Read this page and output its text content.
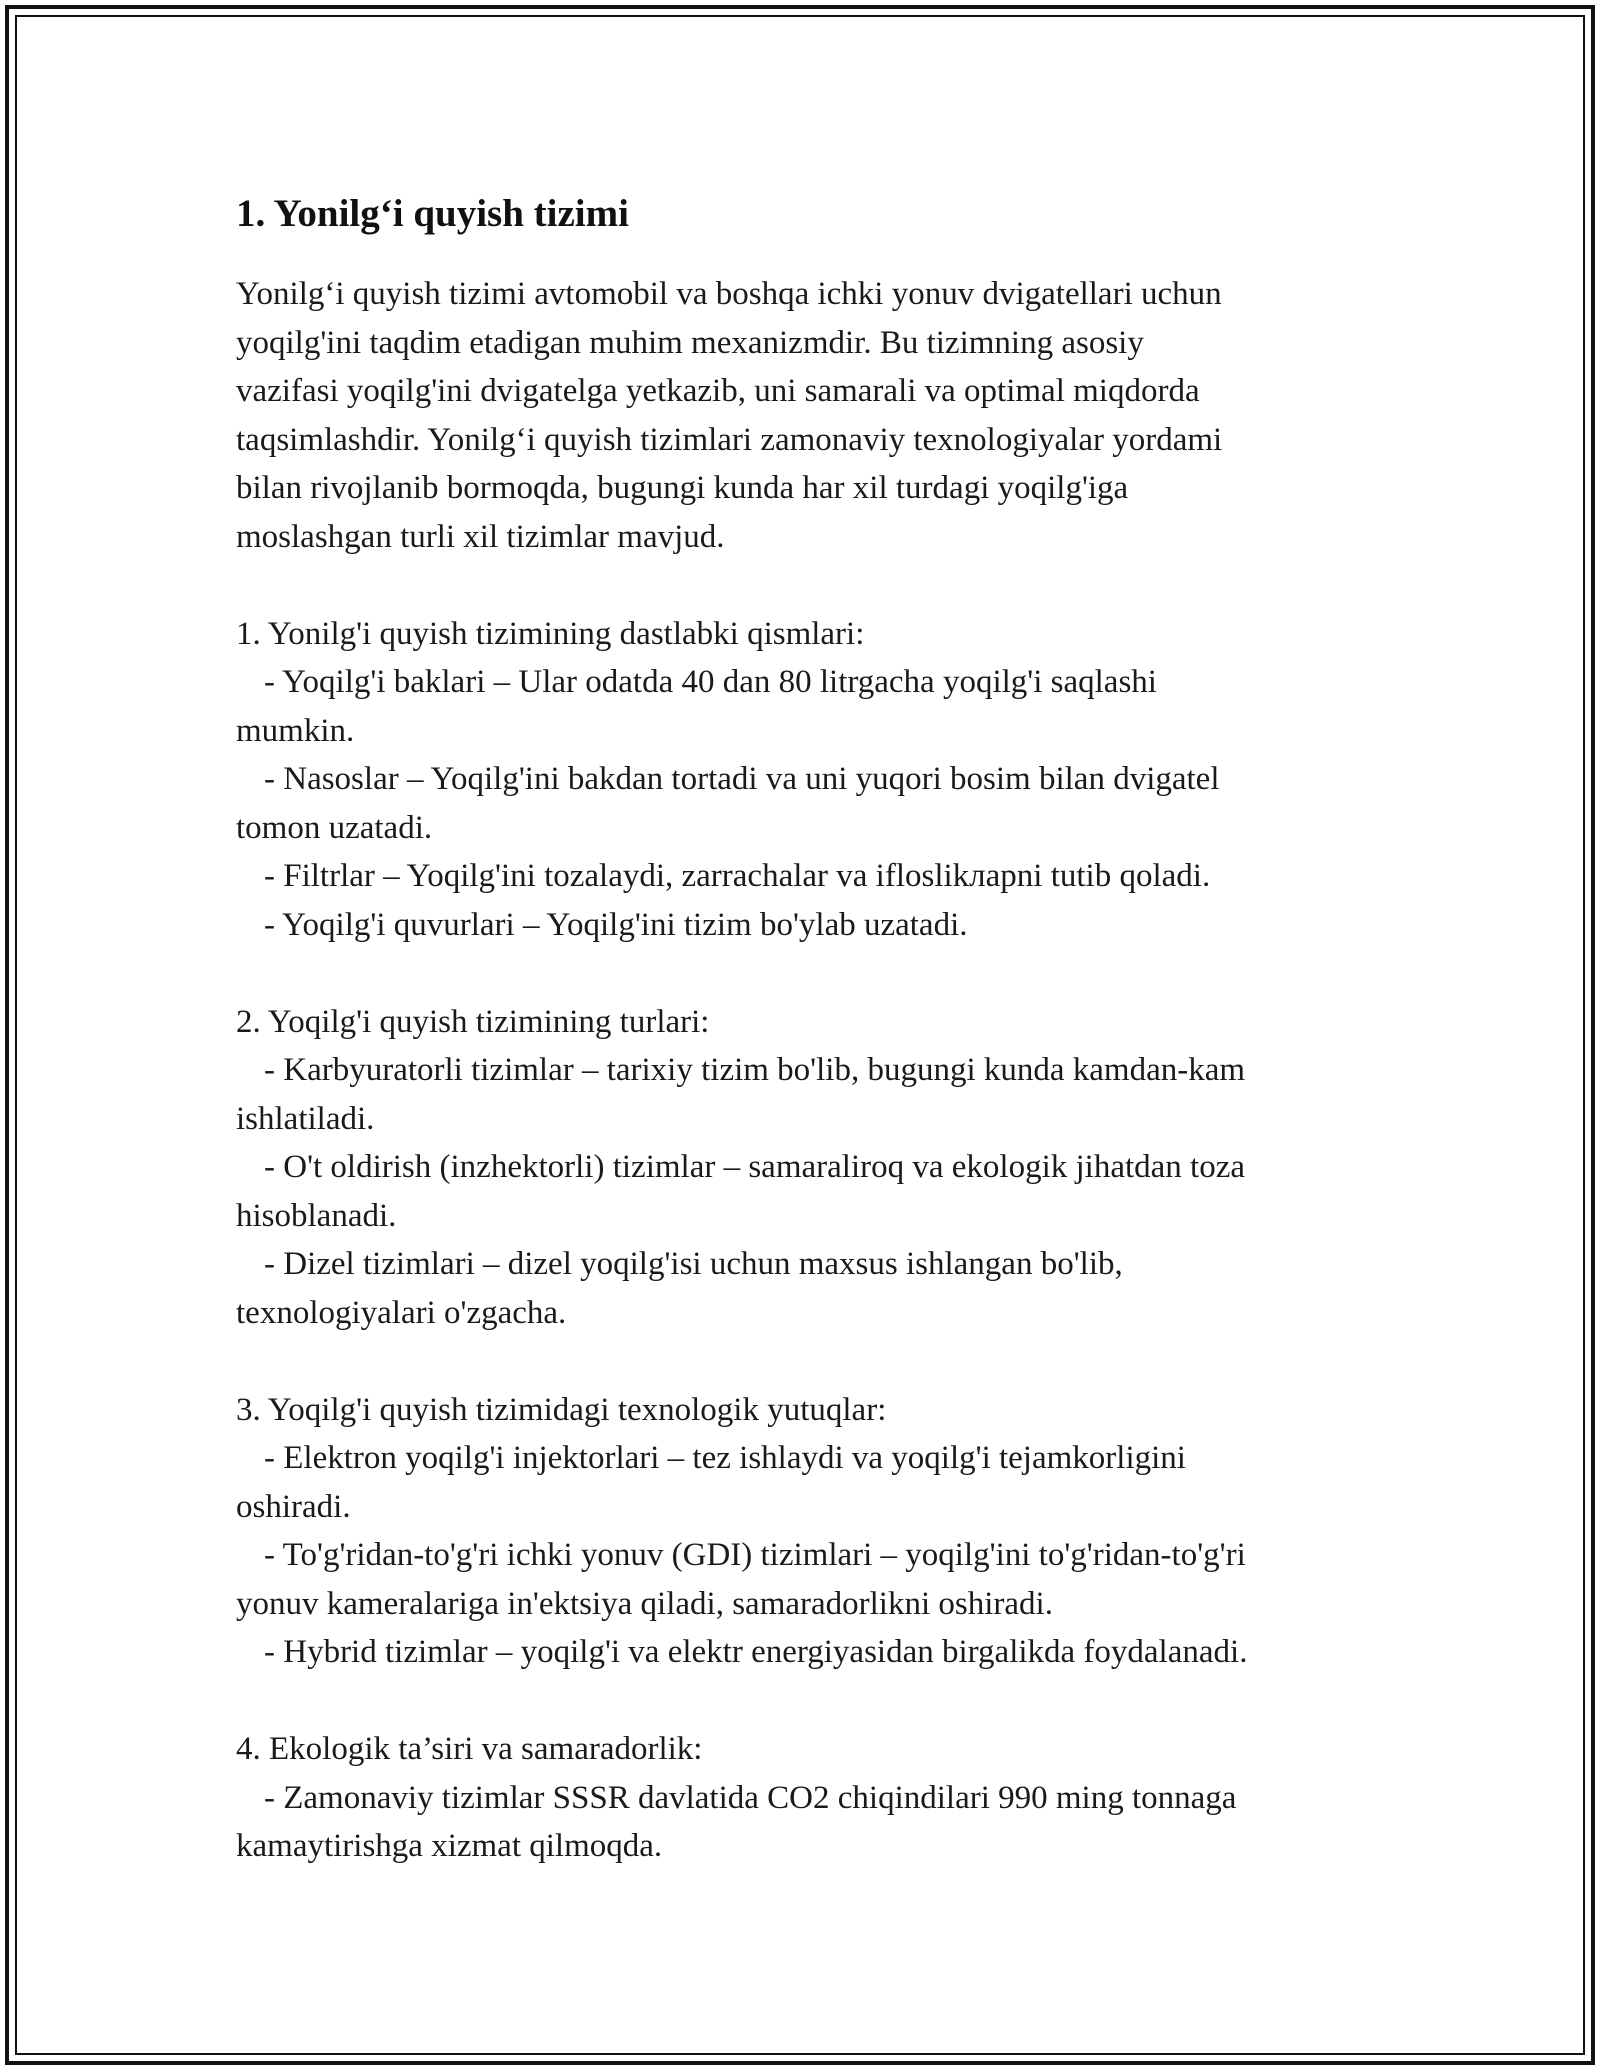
1. Yonilg‘i quyish tizimi

Yonilg‘i quyish tizimi avtomobil va boshqa ichki yonuv dvigatellari uchun
yoqilg'ini taqdim etadigan muhim mexanizmdir. Bu tizimning asosiy
vazifasi yoqilg'ini dvigatelga yetkazib, uni samarali va optimal miqdorda
taqsimlashdir. Yonilg‘i quyish tizimlari zamonaviy texnologiyalar yordami
bilan rivojlanib bormoqda, bugungi kunda har xil turdagi yoqilg'iga
moslashgan turli xil tizimlar mavjud.

1. Yonilg'i quyish tizimining dastlabki qismlari:

- Yoqilg'i baklari – Ular odatda 40 dan 80 litrgacha yoqilg'i saqlashi
mumkin.

- Nasoslar – Yoqilg'ini bakdan tortadi va uni yuqori bosim bilan dvigatel
tomon uzatadi.

- Filtrlar – Yoqilg'ini tozalaydi, zarrachalar va ifloslikларni tutib qoladi.

- Yoqilg'i quvurlari – Yoqilg'ini tizim bo'ylab uzatadi.

2. Yoqilg'i quyish tizimining turlari:

- Karbyuratorli tizimlar – tarixiy tizim bo'lib, bugungi kunda kamdan-kam
ishlatiladi.

- O't oldirish (inzhektorli) tizimlar – samaraliroq va ekologik jihatdan toza
hisoblanadi.

- Dizel tizimlari – dizel yoqilg'isi uchun maxsus ishlangan bo'lib,
texnologiyalari o'zgacha.

3. Yoqilg'i quyish tizimidagi texnologik yutuqlar:

- Elektron yoqilg'i injektorlari – tez ishlaydi va yoqilg'i tejamkorligini
oshiradi.

- To'g'ridan-to'g'ri ichki yonuv (GDI) tizimlari – yoqilg'ini to'g'ridan-to'g'ri
yonuv kameralariga in'ektsiya qiladi, samaradorlikni oshiradi.

- Hybrid tizimlar – yoqilg'i va elektr energiyasidan birgalikda foydalanadi.

4. Ekologik ta’siri va samaradorlik:

- Zamonaviy tizimlar SSSR davlatida CO2 chiqindilari 990 ming tonnaga
kamaytirishga xizmat qilmoqda.
